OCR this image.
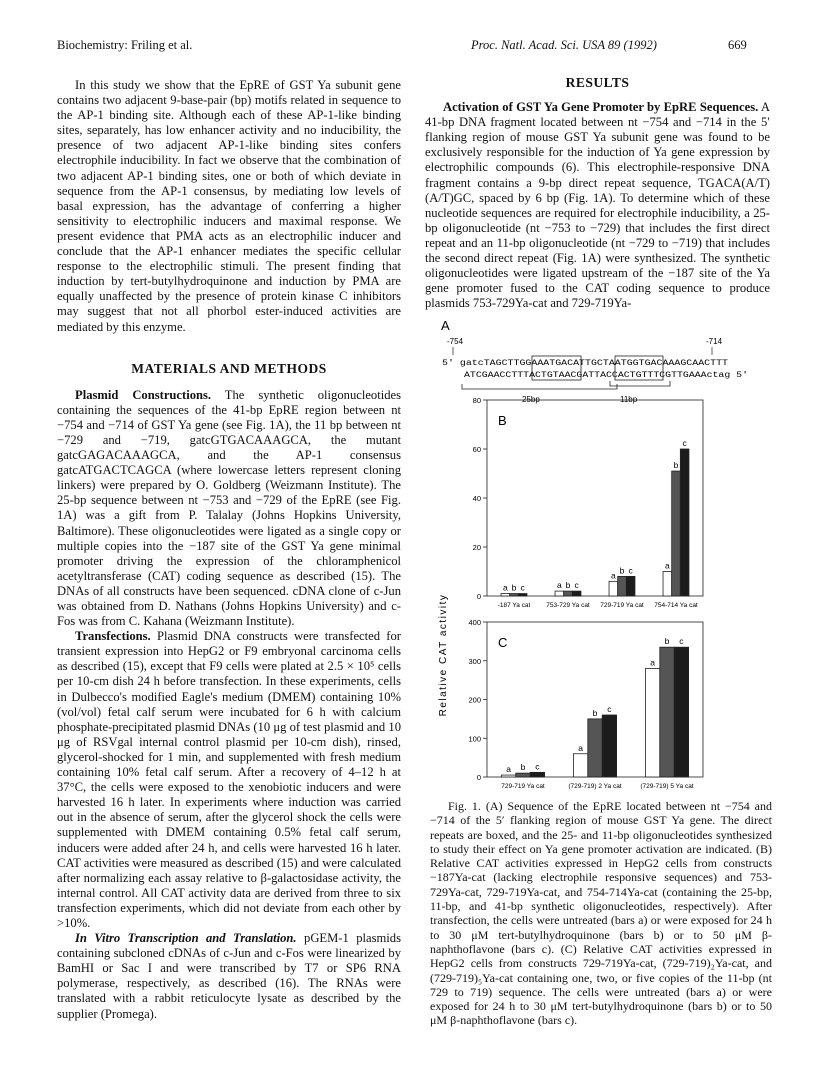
Biochemistry: Friling et al.	Proc. Natl. Acad. Sci. USA 89 (1992)	669

In this study we show that the EpRE of GST Ya subunit gene contains two adjacent 9-base-pair (bp) motifs related in sequence to the AP-1 binding site. Although each of these AP-1-like binding sites, separately, has low enhancer activity and no inducibility, the presence of two adjacent AP-1-like binding sites confers electrophile inducibility. In fact we observe that the combination of two adjacent AP-1 binding sites, one or both of which deviate in sequence from the AP-1 consensus, by mediating low levels of basal expression, has the advantage of conferring a higher sensitivity to electrophilic inducers and maximal response. We present evidence that PMA acts as an electrophilic inducer and conclude that the AP-1 enhancer mediates the specific cellular response to the electrophilic stimuli. The present finding that induction by tert-butylhydroquinone and induction by PMA are equally unaffected by the presence of protein kinase C inhibitors may suggest that not all phorbol ester-induced activities are mediated by this enzyme.

MATERIALS AND METHODS

Plasmid Constructions. The synthetic oligonucleotides containing the sequences of the 41-bp EpRE region between nt −754 and −714 of GST Ya gene (see Fig. 1A), the 11 bp between nt −729 and −719, gatcGTGACAAAGCA, the mutant gatcGAGACAAAGCA, and the AP-1 consensus gatcATGACTCAGCA (where lowercase letters represent cloning linkers) were prepared by O. Goldberg (Weizmann Institute). The 25-bp sequence between nt −753 and −729 of the EpRE (see Fig. 1A) was a gift from P. Talalay (Johns Hopkins University, Baltimore). These oligonucleotides were ligated as a single copy or multiple copies into the −187 site of the GST Ya gene minimal promoter driving the expression of the chloramphenicol acetyltransferase (CAT) coding sequence as described (15). The DNAs of all constructs have been sequenced. cDNA clone of c-Jun was obtained from D. Nathans (Johns Hopkins University) and c-Fos was from C. Kahana (Weizmann Institute).

Transfections. Plasmid DNA constructs were transfected for transient expression into HepG2 or F9 embryonal carcinoma cells as described (15), except that F9 cells were plated at 2.5 × 10⁵ cells per 10-cm dish 24 h before transfection. In these experiments, cells in Dulbecco's modified Eagle's medium (DMEM) containing 10% (vol/vol) fetal calf serum were incubated for 6 h with calcium phosphate-precipitated plasmid DNAs (10 μg of test plasmid and 10 μg of RSVgal internal control plasmid per 10-cm dish), rinsed, glycerol-shocked for 1 min, and supplemented with fresh medium containing 10% fetal calf serum. After a recovery of 4–12 h at 37°C, the cells were exposed to the xenobiotic inducers and were harvested 16 h later. In experiments where induction was carried out in the absence of serum, after the glycerol shock the cells were supplemented with DMEM containing 0.5% fetal calf serum, inducers were added after 24 h, and cells were harvested 16 h later. CAT activities were measured as described (15) and were calculated after normalizing each assay relative to β-galactosidase activity, the internal control. All CAT activity data are derived from three to six transfection experiments, which did not deviate from each other by >10%.

In Vitro Transcription and Translation. pGEM-1 plasmids containing subcloned cDNAs of c-Jun and c-Fos were linearized by BamHI or Sac I and were transcribed by T7 or SP6 RNA polymerase, respectively, as described (16). The RNAs were translated with a rabbit reticulocyte lysate as described by the supplier (Promega).

RESULTS

Activation of GST Ya Gene Promoter by EpRE Sequences. A 41-bp DNA fragment located between nt −754 and −714 in the 5′ flanking region of mouse GST Ya subunit gene was found to be exclusively responsible for the induction of Ya gene expression by electrophilic compounds (6). This electrophile-responsive DNA fragment contains a 9-bp direct repeat sequence, TGACA(A/T)(A/T)GC, spaced by 6 bp (Fig. 1A). To determine which of these nucleotide sequences are required for electrophile inducibility, a 25-bp oligonucleotide (nt −753 to −729) that includes the first direct repeat and an 11-bp oligonucleotide (nt −729 to −719) that includes the second direct repeat (Fig. 1A) were synthesized. The synthetic oligonucleotides were ligated upstream of the −187 site of the Ya gene promoter fused to the CAT coding sequence to produce plasmids 753-729Ya-cat and 729-719Ya-

A
-754	-714
5' gatcTAGCTTGGAAATGACATTGCTAATGGTGACAAAGCAACTTT
ATCGAACCTTTACTGTAACGATTACCACTGTTTCGTTGAAActag 5'
25bp	11bp
Relative CAT activity
B
0
20
40
60
80
a b c
-187 Ya cat
a b c
753-729 Ya cat
a b c
729-719 Ya cat
a
b
c
754-714 Ya cat
C
0
100
200
300
400
a b c
729-719 Ya cat
a
b c
(729-719) 2 Ya cat
a
b c
(729-719) 5 Ya cat

Fig. 1. (A) Sequence of the EpRE located between nt −754 and −714 of the 5′ flanking region of mouse GST Ya gene. The direct repeats are boxed, and the 25- and 11-bp oligonucleotides synthesized to study their effect on Ya gene promoter activation are indicated. (B) Relative CAT activities expressed in HepG2 cells from constructs −187Ya-cat (lacking electrophile responsive sequences) and 753-729Ya-cat, 729-719Ya-cat, and 754-714Ya-cat (containing the 25-bp, 11-bp, and 41-bp synthetic oligonucleotides, respectively). After transfection, the cells were untreated (bars a) or were exposed for 24 h to 30 μM tert-butylhydroquinone (bars b) or to 50 μM β-naphthoflavone (bars c). (C) Relative CAT activities expressed in HepG2 cells from constructs 729-719Ya-cat, (729-719)₂Ya-cat, and (729-719)₅Ya-cat containing one, two, or five copies of the 11-bp (nt 729 to 719) sequence. The cells were untreated (bars a) or were exposed for 24 h to 30 μM tert-butylhydroquinone (bars b) or to 50 μM β-naphthoflavone (bars c).
